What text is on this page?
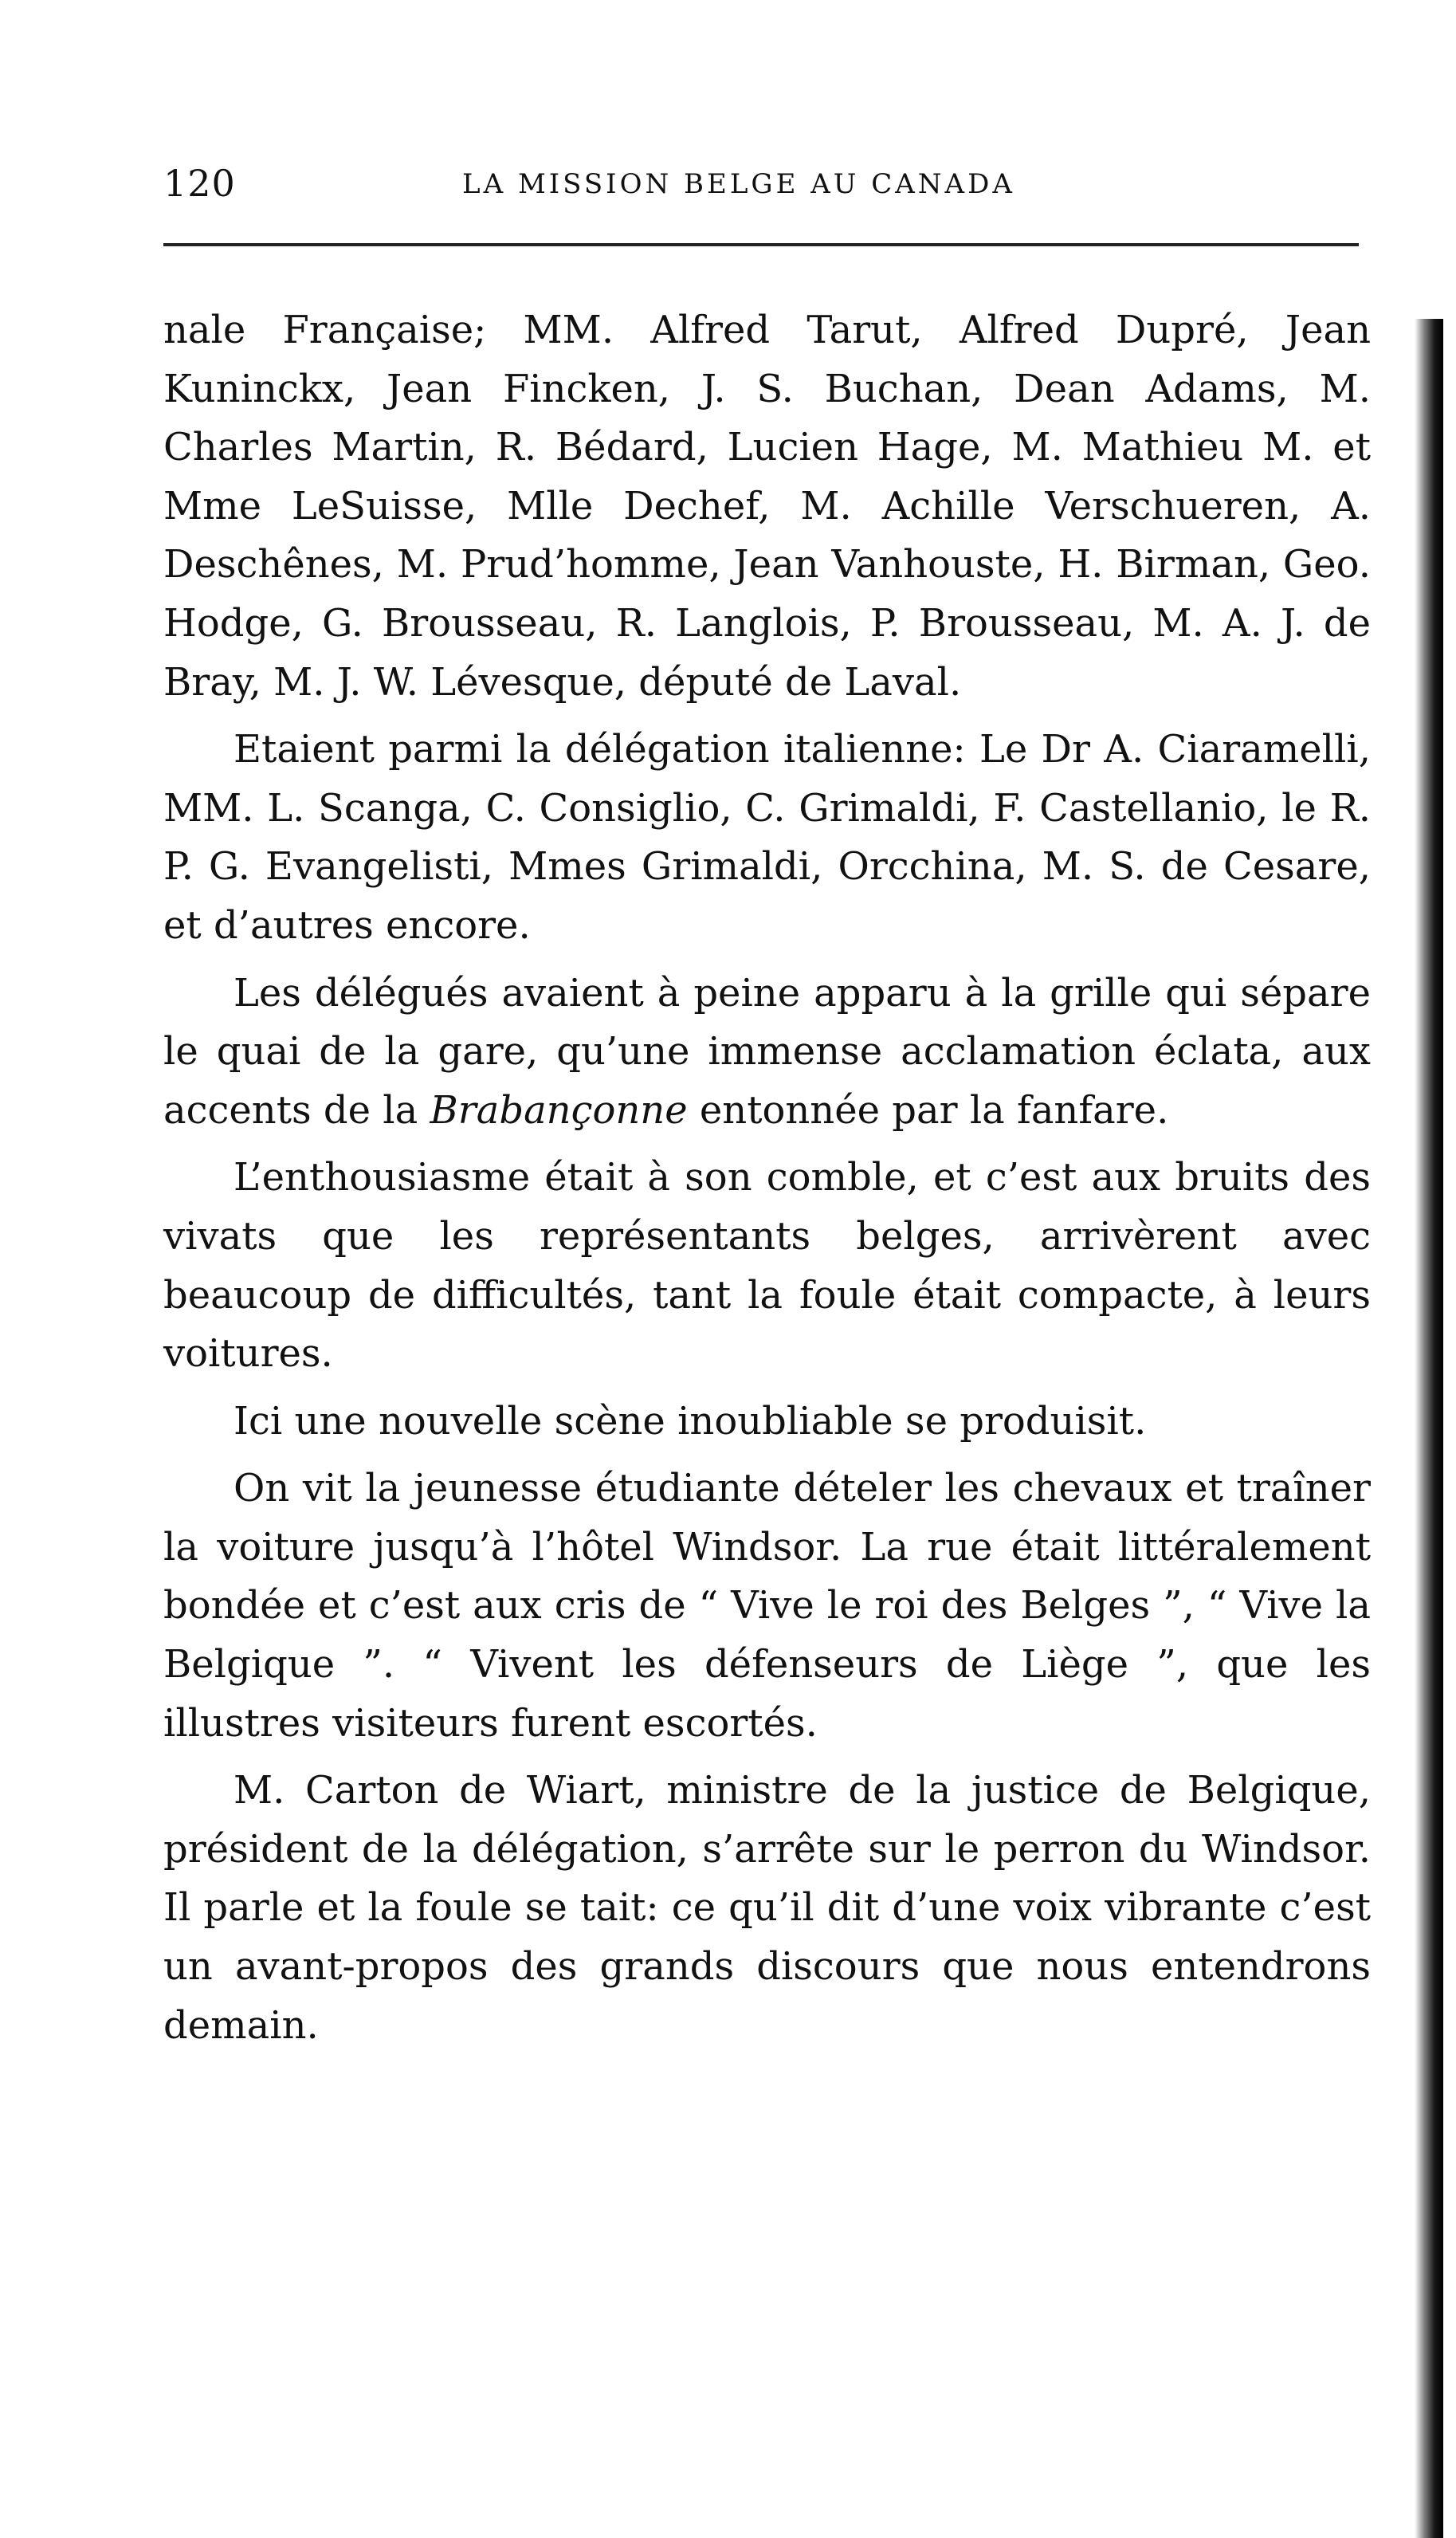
120	LA MISSION BELGE AU CANADA

nale Française; MM. Alfred Tarut, Alfred Dupré, Jean Kuninckx, Jean Fincken, J. S. Buchan, Dean Adams, M. Charles Martin, R. Bédard, Lucien Hage, M. Mathieu M. et Mme LeSuisse, Mlle Dechef, M. Achille Verschueren, A. Deschênes, M. Prud’homme, Jean Vanhouste, H. Birman, Geo. Hodge, G. Brousseau, R. Langlois, P. Brousseau, M. A. J. de Bray, M. J. W. Lévesque, député de Laval.

Etaient parmi la délégation italienne: Le Dr A. Ciaramelli, MM. L. Scanga, C. Consiglio, C. Grimaldi, F. Castellanio, le R. P. G. Evangelisti, Mmes Grimaldi, Orcchina, M. S. de Cesare, et d’autres encore.

Les délégués avaient à peine apparu à la grille qui sépare le quai de la gare, qu’une immense acclamation éclata, aux accents de la Brabançonne entonnée par la fanfare.

L’enthousiasme était à son comble, et c’est aux bruits des vivats que les représentants belges, arrivèrent avec beaucoup de difficultés, tant la foule était compacte, à leurs voitures.

Ici une nouvelle scène inoubliable se produisit.

On vit la jeunesse étudiante dételer les chevaux et traîner la voiture jusqu’à l’hôtel Windsor. La rue était littéralement bondée et c’est aux cris de “ Vive le roi des Belges ”, “ Vive la Belgique ”. “ Vivent les défenseurs de Liège ”, que les illustres visiteurs furent escortés.

M. Carton de Wiart, ministre de la justice de Belgique, président de la délégation, s’arrête sur le perron du Windsor. Il parle et la foule se tait: ce qu’il dit d’une voix vibrante c’est un avant-propos des grands discours que nous entendrons demain.
